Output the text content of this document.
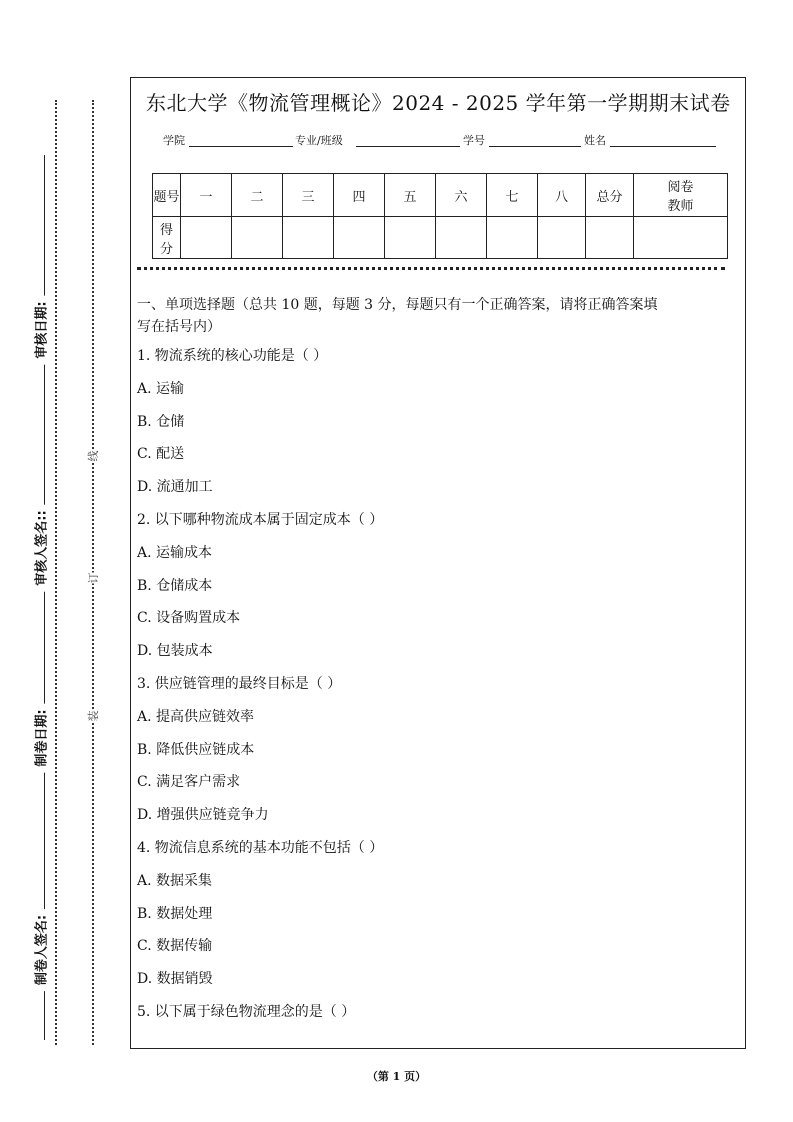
审核日期:
审核人签名::
制卷日期:
制卷人签名:
线
订
装
东北大学《物流管理概论》2024 - 2025 学年第一学期期末试卷
学院	专业/班级	学号	姓名
题号	一	二	三	四	五	六	七	八	总分	阅卷教师
得分										
一、单项选择题（总共 10 题，每题 3 分，每题只有一个正确答案，请将正确答案填
写在括号内）
1. 物流系统的核心功能是（ ）
A. 运输
B. 仓储
C. 配送
D. 流通加工
2. 以下哪种物流成本属于固定成本（ ）
A. 运输成本
B. 仓储成本
C. 设备购置成本
D. 包装成本
3. 供应链管理的最终目标是（ ）
A. 提高供应链效率
B. 降低供应链成本
C. 满足客户需求
D. 增强供应链竞争力
4. 物流信息系统的基本功能不包括（ ）
A. 数据采集
B. 数据处理
C. 数据传输
D. 数据销毁
5. 以下属于绿色物流理念的是（ ）
（第 1 页）
